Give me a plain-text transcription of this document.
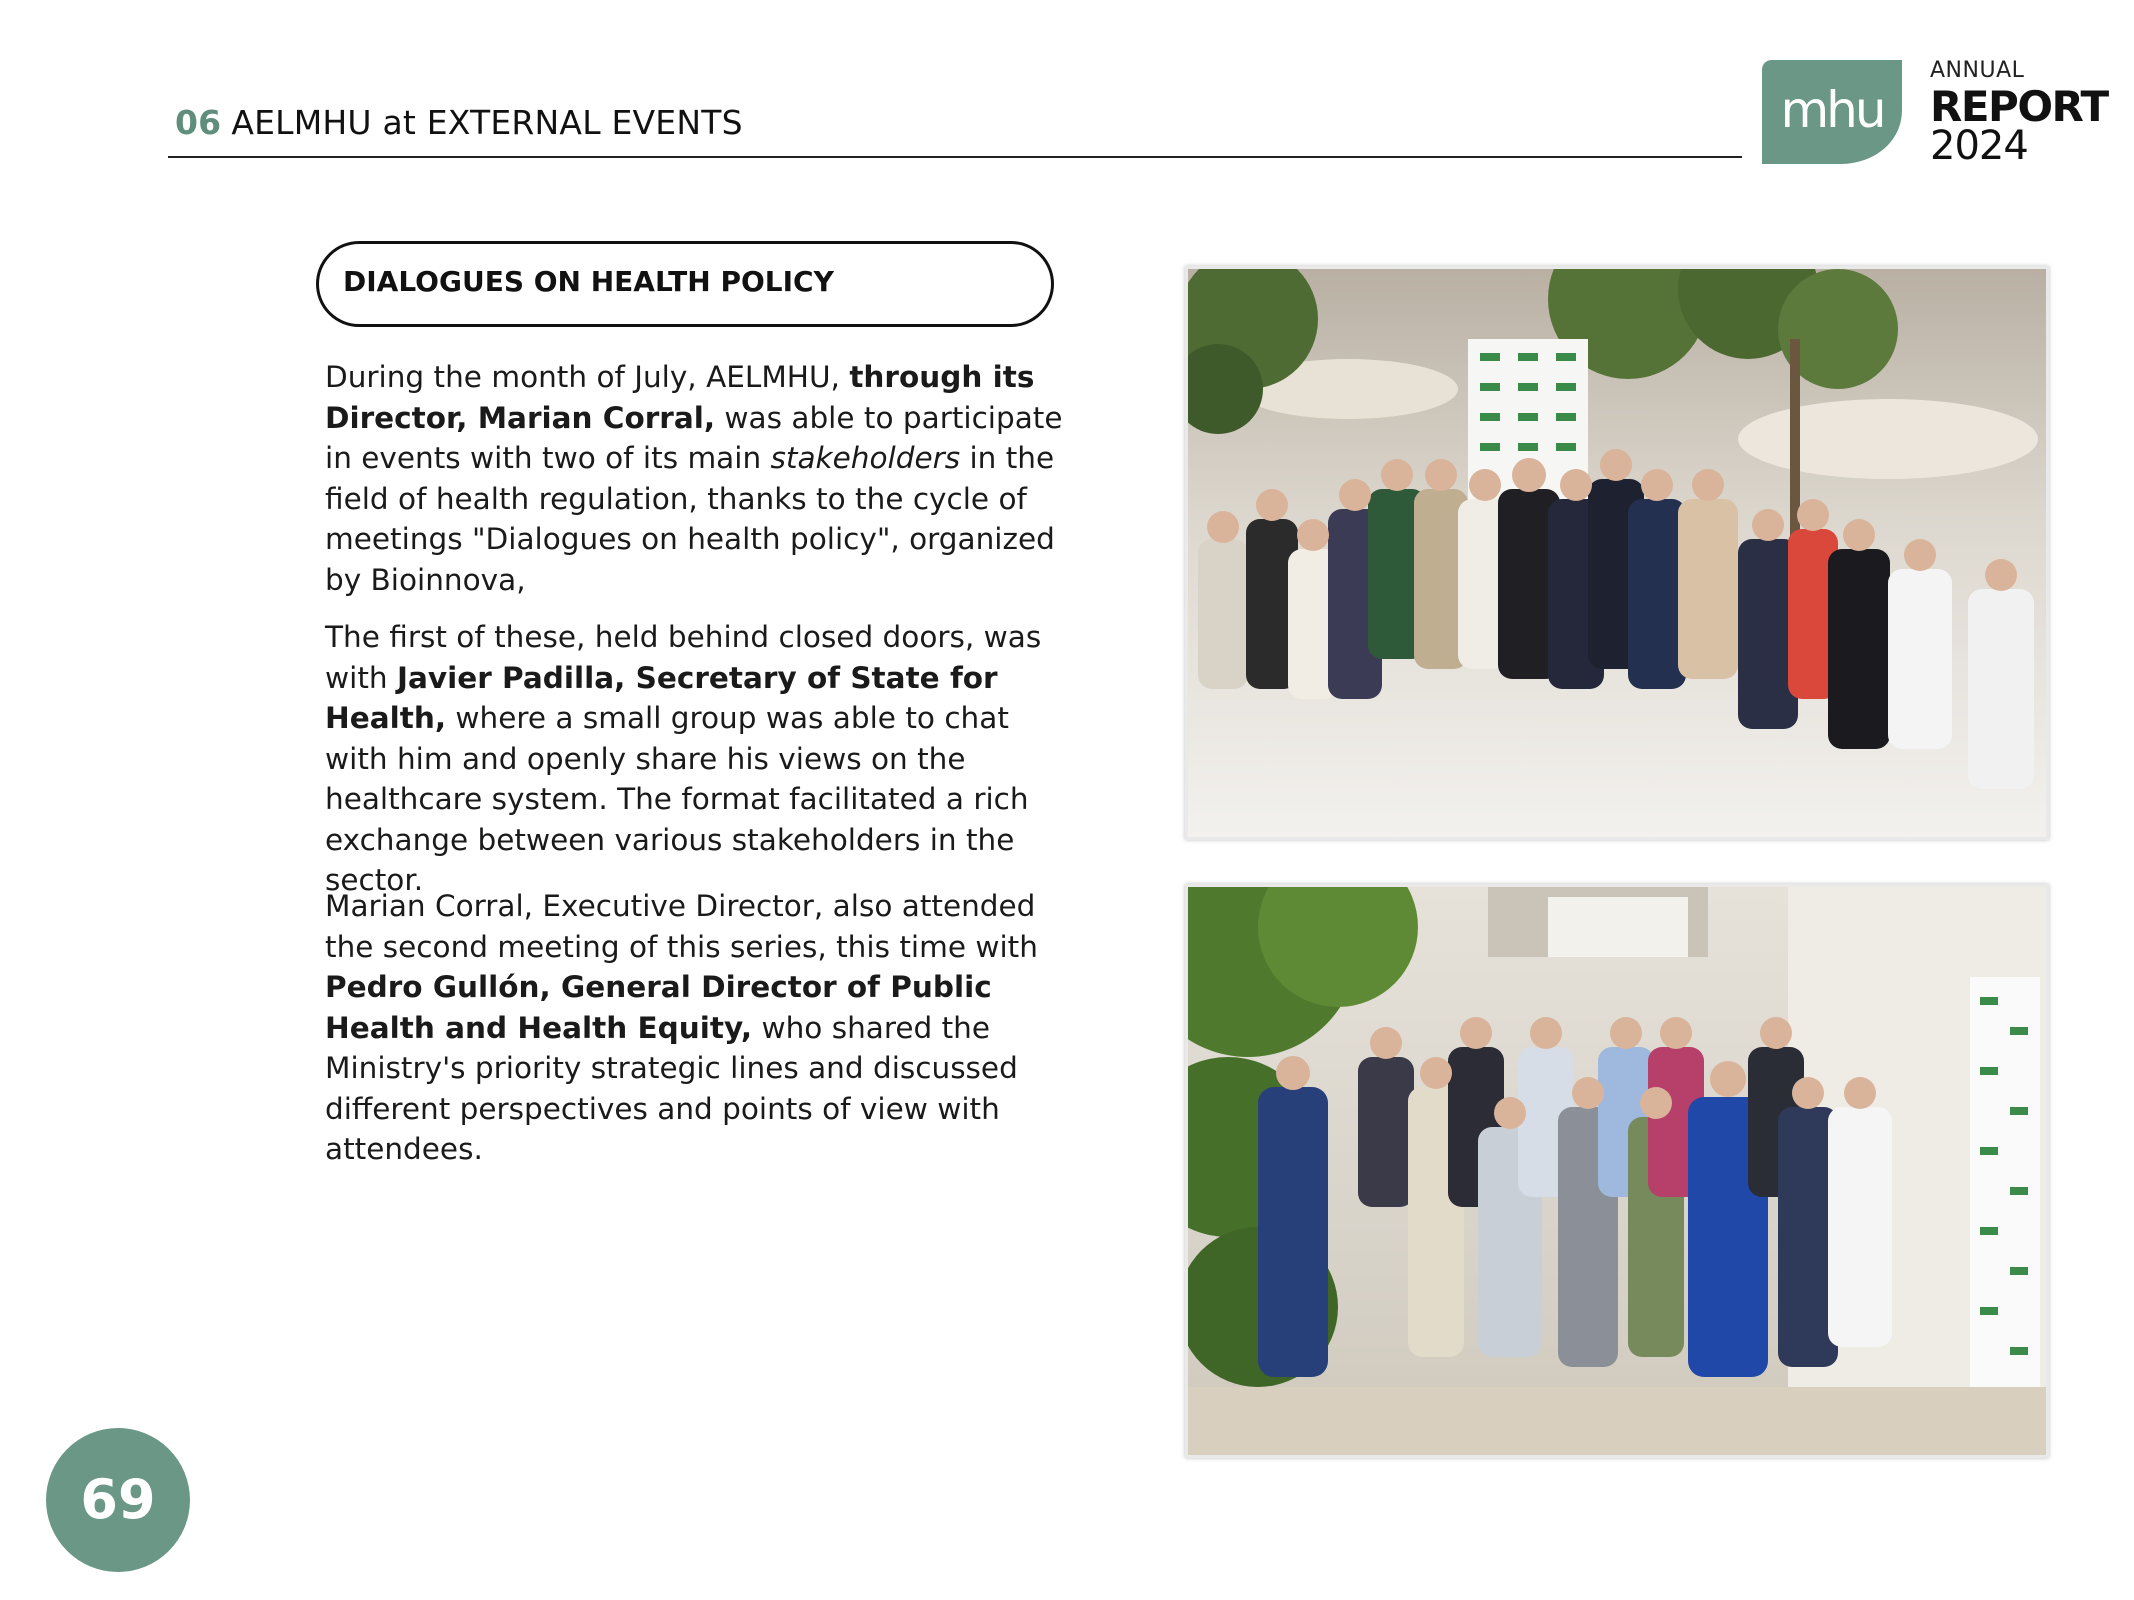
06 AELMHU at EXTERNAL EVENTS	mhu
ANNUAL
REPORT
2024
DIALOGUES ON HEALTH POLICY

During the month of July, AELMHU, through its Director, Marian Corral, was able to participate in events with two of its main stakeholders in the field of health regulation, thanks to the cycle of meetings "Dialogues on health policy", organized by Bioinnova,

The first of these, held behind closed doors, was with Javier Padilla, Secretary of State for Health, where a small group was able to chat with him and openly share his views on the healthcare system. The format facilitated a rich exchange between various stakeholders in the sector.

Marian Corral, Executive Director, also attended the second meeting of this series, this time with Pedro Gullón, General Director of Public Health and Health Equity, who shared the Ministry's priority strategic lines and discussed different perspectives and points of view with attendees.

69
